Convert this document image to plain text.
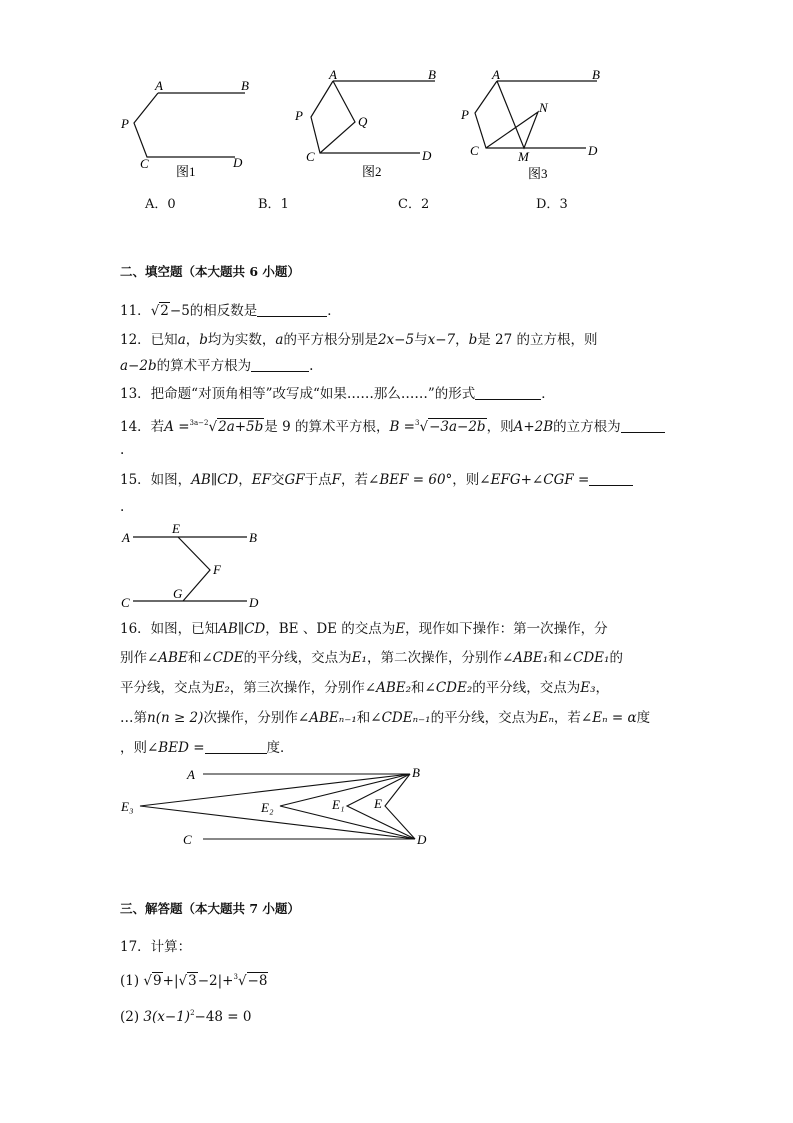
A	B
P
C	D
图1
A	B
P	Q
C	D
图2
A	B
N
P
C	M	D
图3
A．0	B．1	C．2	D．3
二、填空题（本大题共 6 小题）
11．√2−5的相反数是	．
12．已知a，b均为实数，a的平方根分别是2x−5与x−7，b是 27 的立方根，则
a−2b的算术平方根为	.
13．把命题“对顶角相等”改写成“如果……那么……”的形式	．
14．若A =$^{3a-2}$√2a+5b是 9 的算术平方根，B =$^3$√−3a−2b，则A+2B的立方根为
.
15．如图，AB∥CD，EF交GF于点F，若∠BEF = 60°，则∠EFG+∠CGF =
.
A
E
B
F
C
G
D
16．如图，已知AB∥CD，BE 、DE 的交点为E，现作如下操作：第一次操作，分
别作∠ABE和∠CDE的平分线，交点为E₁，第二次操作，分别作∠ABE₁和∠CDE₁的
平分线，交点为E₂，第三次操作，分别作∠ABE₂和∠CDE₂的平分线，交点为E₃，
…第n(n ≥ 2)次操作，分别作∠ABEₙ₋₁和∠CDEₙ₋₁的平分线，交点为Eₙ，若∠Eₙ = α度
，则∠BED =	度．
A	B
E₃	E₂	E₁ E
C	D
三、解答题（本大题共 7 小题）
17．计算：
(1) √9+|√3−2|+$^3$√−8
(2) $3(x-1)^2-48 = 0$
